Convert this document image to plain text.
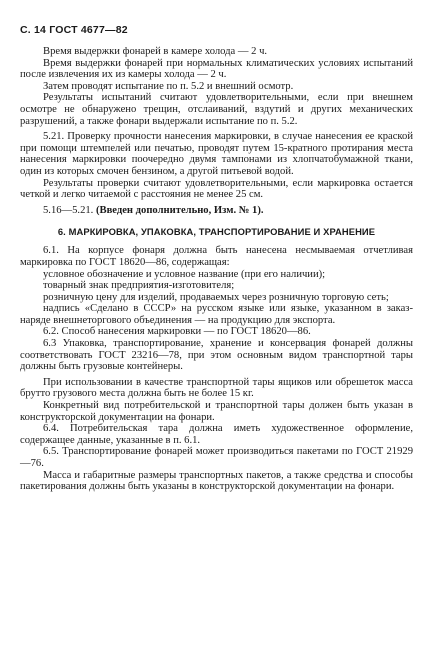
С. 14 ГОСТ 4677—82

Время выдержки фонарей в камере холода — 2 ч.

Время выдержки фонарей при нормальных климатических условиях испытаний после извлечения их из камеры холода — 2 ч.

Затем проводят испытание по п. 5.2 и внешний осмотр.

Результаты испытаний считают удовлетворительными, если при внешнем осмотре не обнаружено трещин, отслаиваний, вздутий и других механических разрушений, а также фонари выдержали испытание по п. 5.2.

5.21. Проверку прочности нанесения маркировки, в случае нанесения ее краской при помощи штемпелей или печатью, проводят путем 15-кратного протирания места нанесения маркировки поочередно двумя тампонами из хлопчатобумажной ткани, один из которых смочен бензином, а другой питьевой водой.

Результаты проверки считают удовлетворительными, если маркировка остается четкой и легко читаемой с расстояния не менее 25 см.

5.16—5.21. (Введен дополнительно, Изм. № 1).

6. МАРКИРОВКА, УПАКОВКА, ТРАНСПОРТИРОВАНИЕ И ХРАНЕНИЕ

6.1. На корпусе фонаря должна быть нанесена несмываемая отчетливая маркировка по ГОСТ 18620—86, содержащая:

условное обозначение и условное название (при его наличии);

товарный знак предприятия-изготовителя;

розничную цену для изделий, продаваемых через розничную торговую сеть;

надпись «Сделано в СССР» на русском языке или языке, указанном в заказ-наряде внешнеторгового объединения — на продукцию для экспорта.

6.2. Способ нанесения маркировки — по ГОСТ 18620—86.

6.3 Упаковка, транспортирование, хранение и консервация фонарей должны соответствовать ГОСТ 23216—78, при этом основным видом транспортной тары должны быть грузовые контейнеры.

При использовании в качестве транспортной тары ящиков или обрешеток масса брутто грузового места должна быть не более 15 кг.

Конкретный вид потребительской и транспортной тары должен быть указан в конструкторской документации на фонари.

6.4. Потребительская тара должна иметь художественное оформление, содержащее данные, указанные в п. 6.1.

6.5. Транспортирование фонарей может производиться пакетами по ГОСТ 21929—76.

Масса и габаритные размеры транспортных пакетов, а также средства и способы пакетирования должны быть указаны в конструкторской документации на фонари.
